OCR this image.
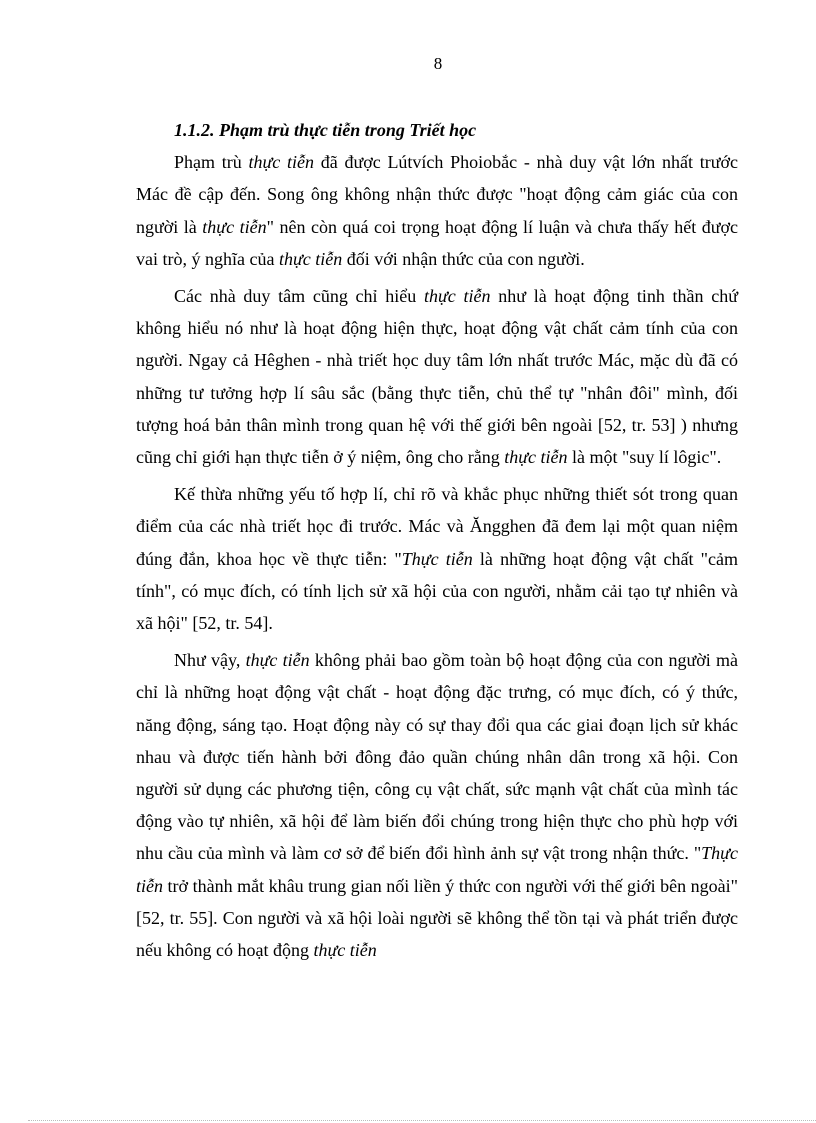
8
1.1.2. Phạm trù thực tiễn trong Triết học

Phạm trù thực tiễn đã được Lútvích Phoiobắc - nhà duy vật lớn nhất trước Mác đề cập đến. Song ông không nhận thức được "hoạt động cảm giác của con người là thực tiễn" nên còn quá coi trọng hoạt động lí luận và chưa thấy hết được vai trò, ý nghĩa của thực tiễn đối với nhận thức của con người.

Các nhà duy tâm cũng chỉ hiểu thực tiễn như là hoạt động tinh thần chứ không hiểu nó như là hoạt động hiện thực, hoạt động vật chất cảm tính của con người. Ngay cả Hêghen - nhà triết học duy tâm lớn nhất trước Mác, mặc dù đã có những tư tưởng hợp lí sâu sắc (bằng thực tiễn, chủ thể tự "nhân đôi" mình, đối tượng hoá bản thân mình trong quan hệ với thế giới bên ngoài [52, tr. 53] ) nhưng cũng chỉ giới hạn thực tiễn ở ý niệm, ông cho rằng thực tiễn là một "suy lí lôgic".

Kế thừa những yếu tố hợp lí, chỉ rõ và khắc phục những thiết sót trong quan điểm của các nhà triết học đi trước. Mác và Ăngghen đã đem lại một quan niệm đúng đắn, khoa học về thực tiễn: "Thực tiễn là những hoạt động vật chất "cảm tính", có mục đích, có tính lịch sử xã hội của con người, nhằm cải tạo tự nhiên và xã hội" [52, tr. 54].

Như vậy, thực tiễn không phải bao gồm toàn bộ hoạt động của con người mà chỉ là những hoạt động vật chất - hoạt động đặc trưng, có mục đích, có ý thức, năng động, sáng tạo. Hoạt động này có sự thay đổi qua các giai đoạn lịch sử khác nhau và được tiến hành bởi đông đảo quần chúng nhân dân trong xã hội. Con người sử dụng các phương tiện, công cụ vật chất, sức mạnh vật chất của mình tác động vào tự nhiên, xã hội để làm biến đổi chúng trong hiện thực cho phù hợp với nhu cầu của mình và làm cơ sở để biến đổi hình ảnh sự vật trong nhận thức. "Thực tiễn trở thành mắt khâu trung gian nối liền ý thức con người với thế giới bên ngoài" [52, tr. 55]. Con người và xã hội loài người sẽ không thể tồn tại và phát triển được nếu không có hoạt động thực tiễn
